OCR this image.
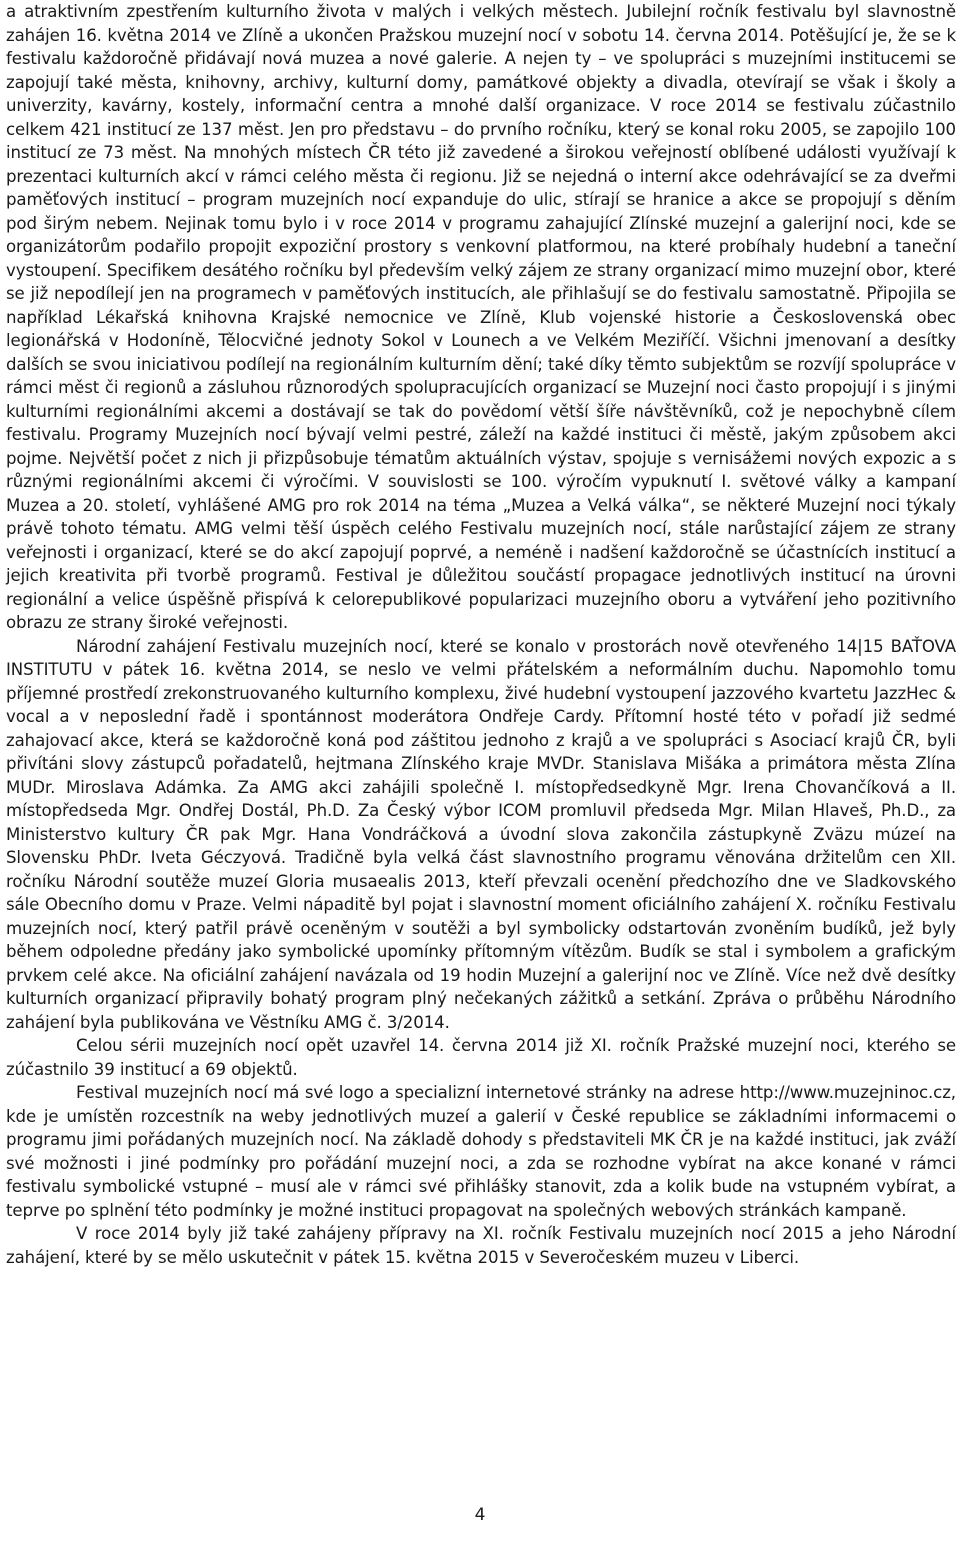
a atraktivním zpestřením kulturního života v malých i velkých městech. Jubilejní ročník festivalu byl slavnostně zahájen 16. května 2014 ve Zlíně a ukončen Pražskou muzejní nocí v sobotu 14. června 2014. Potěšující je, že se k festivalu každoročně přidávají nová muzea a nové galerie. A nejen ty – ve spolupráci s muzejními institucemi se zapojují také města, knihovny, archivy, kulturní domy, památkové objekty a divadla, otevírají se však i školy a univerzity, kavárny, kostely, informační centra a mnohé další organizace. V roce 2014 se festivalu zúčastnilo celkem 421 institucí ze 137 měst. Jen pro představu – do prvního ročníku, který se konal roku 2005, se zapojilo 100 institucí ze 73 měst. Na mnohých místech ČR této již zavedené a širokou veřejností oblíbené události využívají k prezentaci kulturních akcí v rámci celého města či regionu. Již se nejedná o interní akce odehrávající se za dveřmi paměťových institucí – program muzejních nocí expanduje do ulic, stírají se hranice a akce se propojují s děním pod širým nebem. Nejinak tomu bylo i v roce 2014 v programu zahajující Zlínské muzejní a galerijní noci, kde se organizátorům podařilo propojit expoziční prostory s venkovní platformou, na které probíhaly hudební a taneční vystoupení. Specifikem desátého ročníku byl především velký zájem ze strany organizací mimo muzejní obor, které se již nepodílejí jen na programech v paměťových institucích, ale přihlašují se do festivalu samostatně. Připojila se například Lékařská knihovna Krajské nemocnice ve Zlíně, Klub vojenské historie a Československá obec legionářská v Hodoníně, Tělocvičné jednoty Sokol v Lounech a ve Velkém Meziříčí. Všichni jmenovaní a desítky dalších se svou iniciativou podílejí na regionálním kulturním dění; také díky těmto subjektům se rozvíjí spolupráce v rámci měst či regionů a zásluhou různorodých spolupracujících organizací se Muzejní noci často propojují i s jinými kulturními regionálními akcemi a dostávají se tak do povědomí větší šíře návštěvníků, což je nepochybně cílem festivalu. Programy Muzejních nocí bývají velmi pestré, záleží na každé instituci či městě, jakým způsobem akci pojme. Největší počet z nich ji přizpůsobuje tématům aktuálních výstav, spojuje s vernisážemi nových expozic a s různými regionálními akcemi či výročími. V souvislosti se 100. výročím vypuknutí I. světové války a kampaní Muzea a 20. století, vyhlášené AMG pro rok 2014 na téma „Muzea a Velká válka“, se některé Muzejní noci týkaly právě tohoto tématu. AMG velmi těší úspěch celého Festivalu muzejních nocí, stále narůstající zájem ze strany veřejnosti i organizací, které se do akcí zapojují poprvé, a neméně i nadšení každoročně se účastnících institucí a jejich kreativita při tvorbě programů. Festival je důležitou součástí propagace jednotlivých institucí na úrovni regionální a velice úspěšně přispívá k celorepublikové popularizaci muzejního oboru a vytváření jeho pozitivního obrazu ze strany široké veřejnosti.

Národní zahájení Festivalu muzejních nocí, které se konalo v prostorách nově otevřeného 14|15 BAŤOVA INSTITUTU v pátek 16. května 2014, se neslo ve velmi přátelském a neformálním duchu. Napomohlo tomu příjemné prostředí zrekonstruovaného kulturního komplexu, živé hudební vystoupení jazzového kvartetu JazzHec & vocal a v neposlední řadě i spontánnost moderátora Ondřeje Cardy. Přítomní hosté této v pořadí již sedmé zahajovací akce, která se každoročně koná pod záštitou jednoho z krajů a ve spolupráci s Asociací krajů ČR, byli přivítáni slovy zástupců pořadatelů, hejtmana Zlínského kraje MVDr. Stanislava Mišáka a primátora města Zlína MUDr. Miroslava Adámka. Za AMG akci zahájili společně I. místopředsedkyně Mgr. Irena Chovančíková a II. místopředseda Mgr. Ondřej Dostál, Ph.D. Za Český výbor ICOM promluvil předseda Mgr. Milan Hlaveš, Ph.D., za Ministerstvo kultury ČR pak Mgr. Hana Vondráčková a úvodní slova zakončila zástupkyně Zväzu múzeí na Slovensku PhDr. Iveta Géczyová. Tradičně byla velká část slavnostního programu věnována držitelům cen XII. ročníku Národní soutěže muzeí Gloria musaealis 2013, kteří převzali ocenění předchozího dne ve Sladkovského sále Obecního domu v Praze. Velmi nápaditě byl pojat i slavnostní moment oficiálního zahájení X. ročníku Festivalu muzejních nocí, který patřil právě oceněným v soutěži a byl symbolicky odstartován zvoněním budíků, jež byly během odpoledne předány jako symbolické upomínky přítomným vítězům. Budík se stal i symbolem a grafickým prvkem celé akce. Na oficiální zahájení navázala od 19 hodin Muzejní a galerijní noc ve Zlíně. Více než dvě desítky kulturních organizací připravily bohatý program plný nečekaných zážitků a setkání. Zpráva o průběhu Národního zahájení byla publikována ve Věstníku AMG č. 3/2014.

Celou sérii muzejních nocí opět uzavřel 14. června 2014 již XI. ročník Pražské muzejní noci, kterého se zúčastnilo 39 institucí a 69 objektů.

Festival muzejních nocí má své logo a specializní internetové stránky na adrese http://www.muzejninoc.cz, kde je umístěn rozcestník na weby jednotlivých muzeí a galerií v České republice se základními informacemi o programu jimi pořádaných muzejních nocí. Na základě dohody s představiteli MK ČR je na každé instituci, jak zváží své možnosti i jiné podmínky pro pořádání muzejní noci, a zda se rozhodne vybírat na akce konané v rámci festivalu symbolické vstupné – musí ale v rámci své přihlášky stanovit, zda a kolik bude na vstupném vybírat, a teprve po splnění této podmínky je možné instituci propagovat na společných webových stránkách kampaně.

V roce 2014 byly již také zahájeny přípravy na XI. ročník Festivalu muzejních nocí 2015 a jeho Národní zahájení, které by se mělo uskutečnit v pátek 15. května 2015 v Severočeském muzeu v Liberci.

4
